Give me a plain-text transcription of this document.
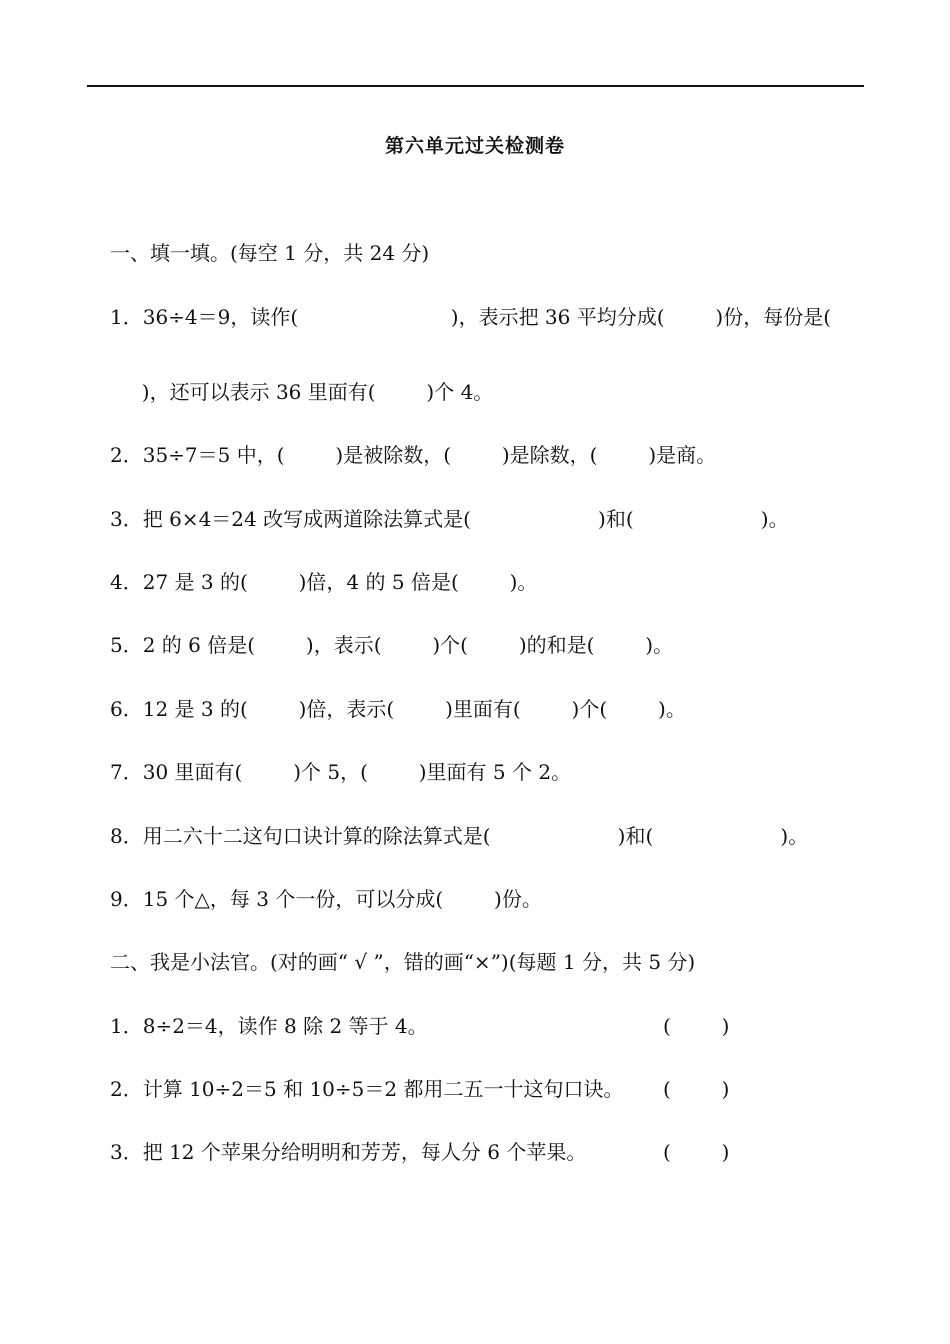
第六单元过关检测卷
一、填一填。(每空 1 分，共 24 分)
1．36÷4＝9，读作(                        )，表示把 36 平均分成(        )份，每份是(
)，还可以表示 36 里面有(        )个 4。
2．35÷7＝5 中，(        )是被除数，(        )是除数，(        )是商。
3．把 6×4＝24 改写成两道除法算式是(                    )和(                    )。
4．27 是 3 的(        )倍，4 的 5 倍是(        )。
5．2 的 6 倍是(        )，表示(        )个(        )的和是(        )。
6．12 是 3 的(        )倍，表示(        )里面有(        )个(        )。
7．30 里面有(        )个 5，(        )里面有 5 个 2。
8．用二六十二这句口诀计算的除法算式是(                    )和(                    )。
9．15 个△，每 3 个一份，可以分成(        )份。
二、我是小法官。(对的画“ √ ”，错的画“×”)(每题 1 分，共 5 分)
1．8÷2＝4，读作 8 除 2 等于 4。	(        )
2．计算 10÷2＝5 和 10÷5＝2 都用二五一十这句口诀。 (        )
3．把 12 个苹果分给明明和芳芳，每人分 6 个苹果。	(        )
